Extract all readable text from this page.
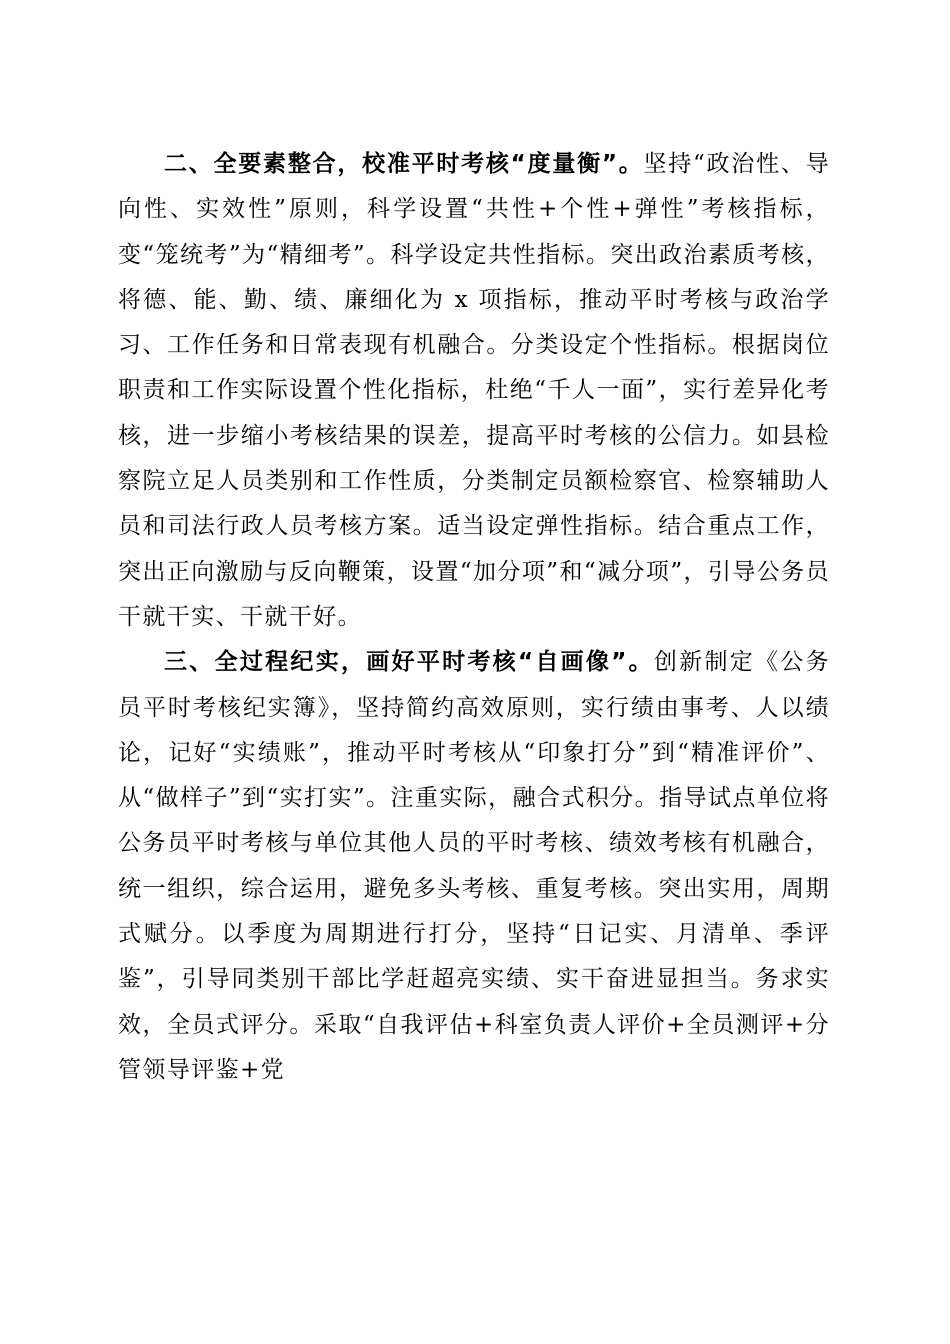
二、全要素整合，校准平时考核“度量衡”。坚持“政治性、导向性、实效性”原则，科学设置“共性+个性+弹性”考核指标，变“笼统考”为“精细考”。科学设定共性指标。突出政治素质考核，将德、能、勤、绩、廉细化为 x 项指标，推动平时考核与政治学习、工作任务和日常表现有机融合。分类设定个性指标。根据岗位职责和工作实际设置个性化指标，杜绝“千人一面”，实行差异化考核，进一步缩小考核结果的误差，提高平时考核的公信力。如县检察院立足人员类别和工作性质，分类制定员额检察官、检察辅助人员和司法行政人员考核方案。适当设定弹性指标。结合重点工作，突出正向激励与反向鞭策，设置“加分项”和“减分项”，引导公务员干就干实、干就干好。

三、全过程纪实，画好平时考核“自画像”。创新制定《公务员平时考核纪实簿》，坚持简约高效原则，实行绩由事考、人以绩论，记好“实绩账”，推动平时考核从“印象打分”到“精准评价”、从“做样子”到“实打实”。注重实际，融合式积分。指导试点单位将公务员平时考核与单位其他人员的平时考核、绩效考核有机融合，统一组织，综合运用，避免多头考核、重复考核。突出实用，周期式赋分。以季度为周期进行打分，坚持“日记实、月清单、季评鉴”，引导同类别干部比学赶超亮实绩、实干奋进显担当。务求实效，全员式评分。采取“自我评估+科室负责人评价+全员测评+分管领导评鉴+党
